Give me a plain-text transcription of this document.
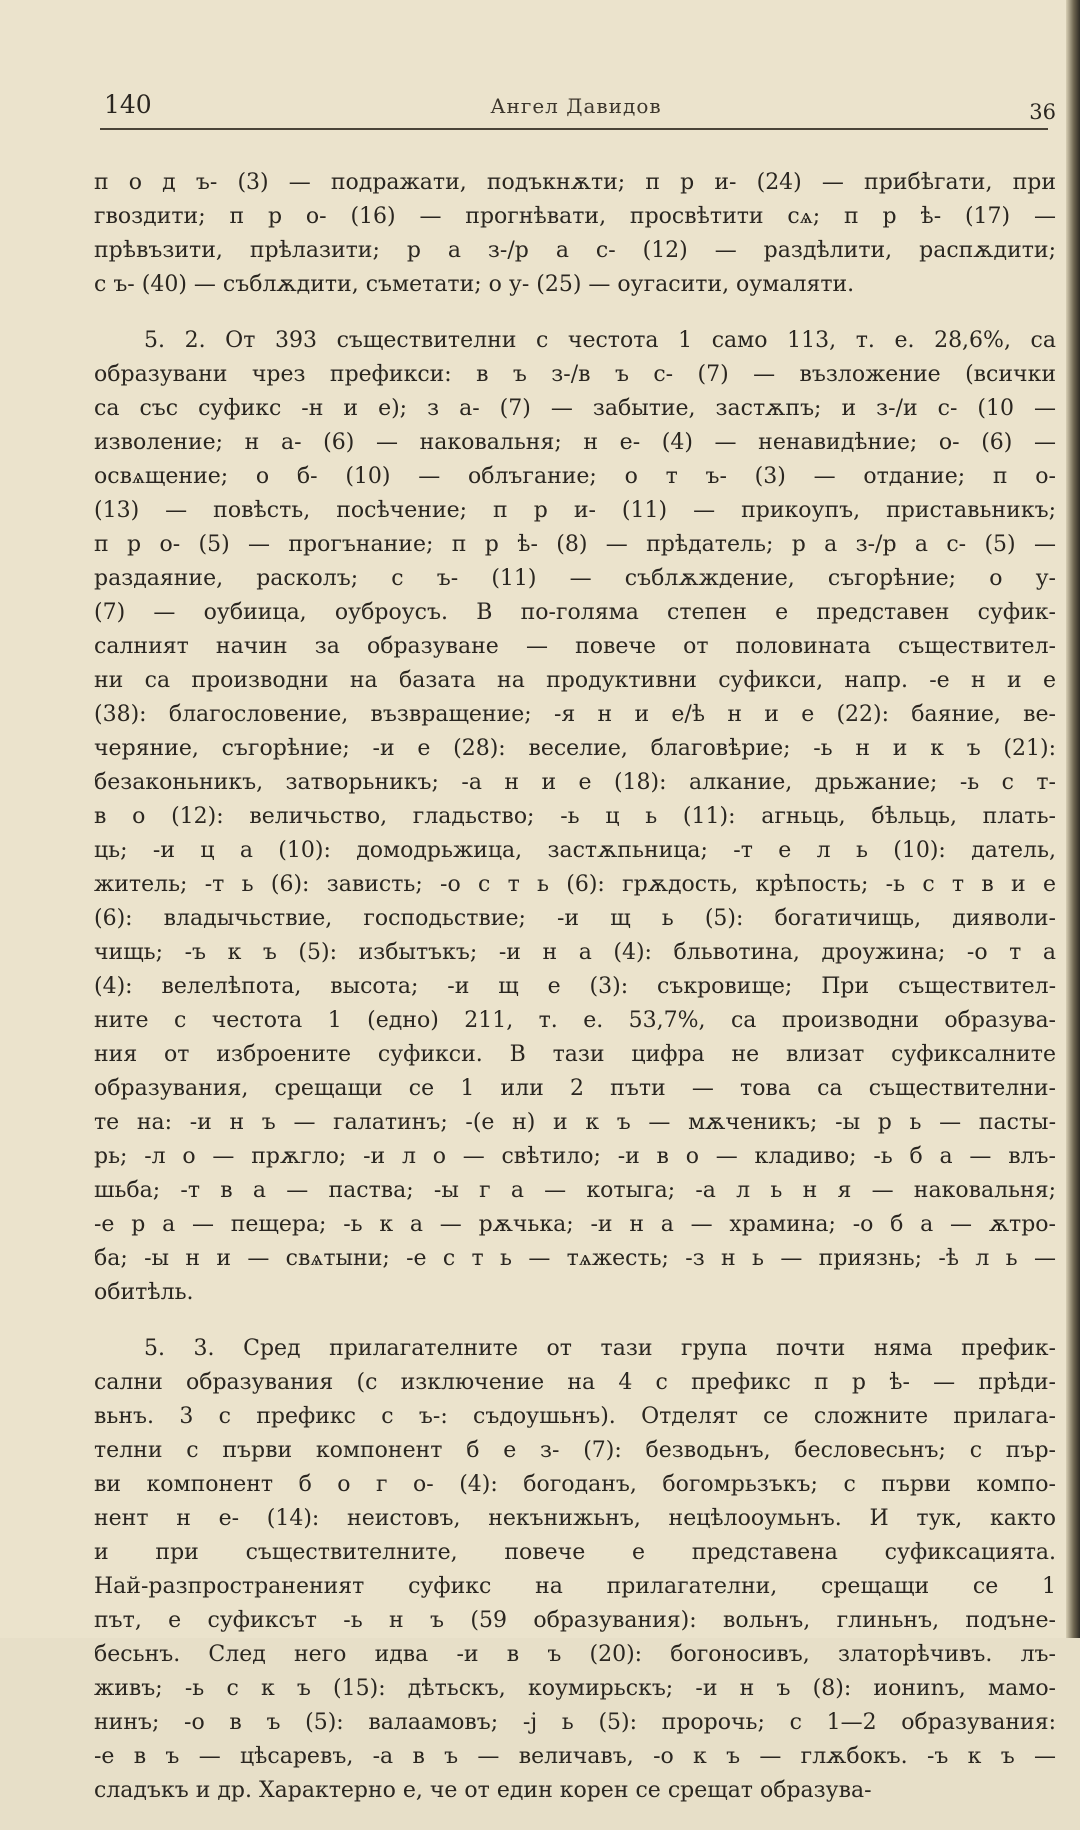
140	Ангел Давидов	36
п о д ъ- (3) — подражати, подъкнѫти; п р и- (24) — прибѣгати, при
гвоздити; п р о- (16) — прогнѣвати, просвѣтити сѧ; п р ѣ- (17) —
прѣвъзити, прѣлазити; р а з-/р а с- (12) — раздѣлити, распѫдити;
с ъ- (40) — съблѫдити, съметати; о у- (25) — оугасити, оумаляти.
5. 2. От 393 съществителни с честота 1 само 113, т. е. 28,6%, са
образувани чрез префикси: в ъ з-/в ъ с- (7) — възложение (всички
са със суфикс -н и е); з а- (7) — забытие, застѫпъ; и з-/и с- (10 —
изволение; н а- (6) — наковальня; н е- (4) — ненавидѣние; о- (6) —
освѧщение; о б- (10) — облъгание; о т ъ- (3) — отдание; п о-
(13) — повѣсть, посѣчение; п р и- (11) — прикоупъ, приставьникъ;
п р о- (5) — прогънание; п р ѣ- (8) — прѣдатель; р а з-/р а с- (5) —
раздаяние, расколъ; с ъ- (11) — съблѫждение, съгорѣние; о у-
(7) — оубиица, оуброусъ. В по-голяма степен е представен суфик-
салният начин за образуване — повече от половината съществител-
ни са производни на базата на продуктивни суфикси, напр. -е н и е
(38): благословение, възвращение; -я н и е/ѣ н и е (22): баяние, ве-
черяние, съгорѣние; -и е (28): веселие, благовѣрие; -ь н и к ъ (21):
безаконьникъ, затворьникъ; -а н и е (18): алкание, дрьжание; -ь с т-
в о (12): величьство, гладьство; -ь ц ь (11): агньць, бѣльць, плать-
ць; -и ц а (10): домодрьжица, застѫпьница; -т е л ь (10): датель,
житель; -т ь (6): зависть; -о с т ь (6): грѫдость, крѣпость; -ь с т в и е
(6): владычьствие, господьствие; -и щ ь (5): богатичищь, дияволи-
чищь; -ъ к ъ (5): избытъкъ; -и н а (4): бльвотина, дроужина; -о т а
(4): велелѣпота, высота; -и щ е (3): съкровище; При съществител-
ните с честота 1 (едно) 211, т. е. 53,7%, са производни образува-
ния от изброените суфикси. В тази цифра не влизат суфиксалните
образувания, срещащи се 1 или 2 пъти — това са съществителни-
те на: -и н ъ — галатинъ; -(е н) и к ъ — мѫченикъ; -ы р ь — пасты-
рь; -л о — прѫгло; -и л о — свѣтило; -и в о — кладиво; -ь б а — влъ-
шьба; -т в а — паства; -ы г а — котыга; -а л ь н я — наковальня;
-е р а — пещера; -ь к а — рѫчька; -и н а — храмина; -о б а — ѫтро-
ба; -ы н и — свѧтыни; -е с т ь — тѧжесть; -з н ь — приязнь; -ѣ л ь —
обитѣль.
5. 3. Сред прилагателните от тази група почти няма префик-
сални образувания (с изключение на 4 с префикс п р ѣ- — прѣди-
вьнъ. 3 с префикс с ъ-: съдоушьнъ). Отделят се сложните прилага-
телни с първи компонент б е з- (7): безводьнъ, бесловесьнъ; с пър-
ви компонент б о г о- (4): богоданъ, богомрьзъкъ; с първи компо-
нент н е- (14): неистовъ, некънижьнъ, нецѣлооумьнъ. И тук, както
и при съществителните, повече е представена суфиксацията.
Най-разпространеният суфикс на прилагателни, срещащи се 1
път, е суфиксът -ь н ъ (59 образувания): вольнъ, глиньнъ, подъне-
бесьнъ. След него идва -и в ъ (20): богоносивъ, златорѣчивъ. лъ-
живъ; -ь с к ъ (15): дѣтьскъ, коумирьскъ; -и н ъ (8): иониnъ, мамо-
нинъ; -о в ъ (5): валаамовъ; -j ь (5): пророчь; с 1—2 образувания:
-е в ъ — цѣсаревъ, -а в ъ — величавъ, -о к ъ — глѫбокъ. -ъ к ъ —
сладъкъ и др. Характерно е, че от един корен се срещат образува-
